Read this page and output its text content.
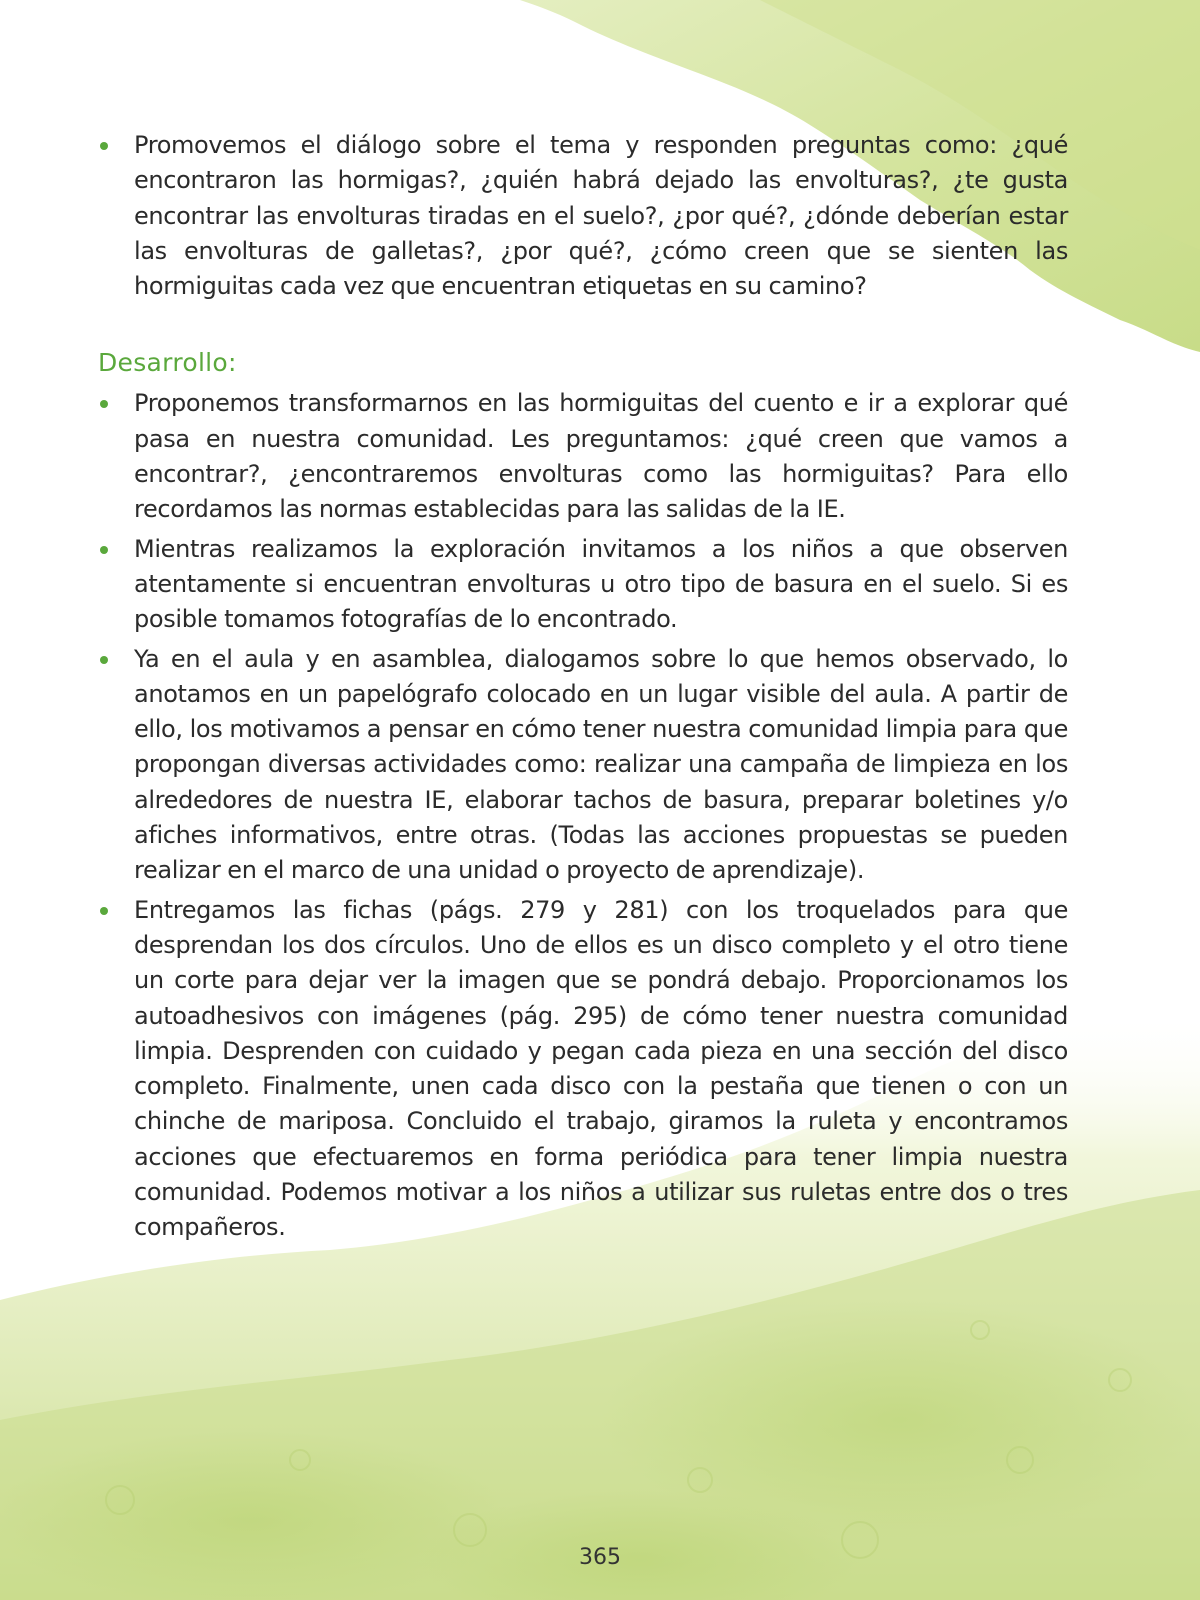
Promovemos el diálogo sobre el tema y responden preguntas como: ¿qué encontraron las hormigas?, ¿quién habrá dejado las envolturas?, ¿te gusta encontrar las envolturas tiradas en el suelo?, ¿por qué?, ¿dónde deberían estar las envolturas de galletas?, ¿por qué?, ¿cómo creen que se sienten las hormiguitas cada vez que encuentran etiquetas en su camino?
Desarrollo:
Proponemos transformarnos en las hormiguitas del cuento e ir a explorar qué pasa en nuestra comunidad. Les preguntamos: ¿qué creen que vamos a encontrar?, ¿encontraremos envolturas como las hormiguitas? Para ello recordamos las normas establecidas para las salidas de la IE.
Mientras realizamos la exploración invitamos a los niños a que observen atentamente si encuentran envolturas u otro tipo de basura en el suelo. Si es posible tomamos fotografías de lo encontrado.
Ya en el aula y en asamblea, dialogamos sobre lo que hemos observado, lo anotamos en un papelógrafo colocado en un lugar visible del aula. A partir de ello, los motivamos a pensar en cómo tener nuestra comunidad limpia para que propongan diversas actividades como: realizar una campaña de limpieza en los alrededores de nuestra IE, elaborar tachos de basura, preparar boletines y/o afiches informativos, entre otras. (Todas las acciones propuestas se pueden realizar en el marco de una unidad o proyecto de aprendizaje).
Entregamos las fichas (págs. 279 y 281) con los troquelados para que desprendan los dos círculos. Uno de ellos es un disco completo y el otro tiene un corte para dejar ver la imagen que se pondrá debajo. Proporcionamos los autoadhesivos con imágenes (pág. 295) de cómo tener nuestra comunidad limpia. Desprenden con cuidado y pegan cada pieza en una sección del disco completo. Finalmente, unen cada disco con la pestaña que tienen o con un chinche de mariposa. Concluido el trabajo, giramos la ruleta y encontramos acciones que efectuaremos en forma periódica para tener limpia nuestra comunidad. Podemos motivar a los niños a utilizar sus ruletas entre dos o tres compañeros.
365
